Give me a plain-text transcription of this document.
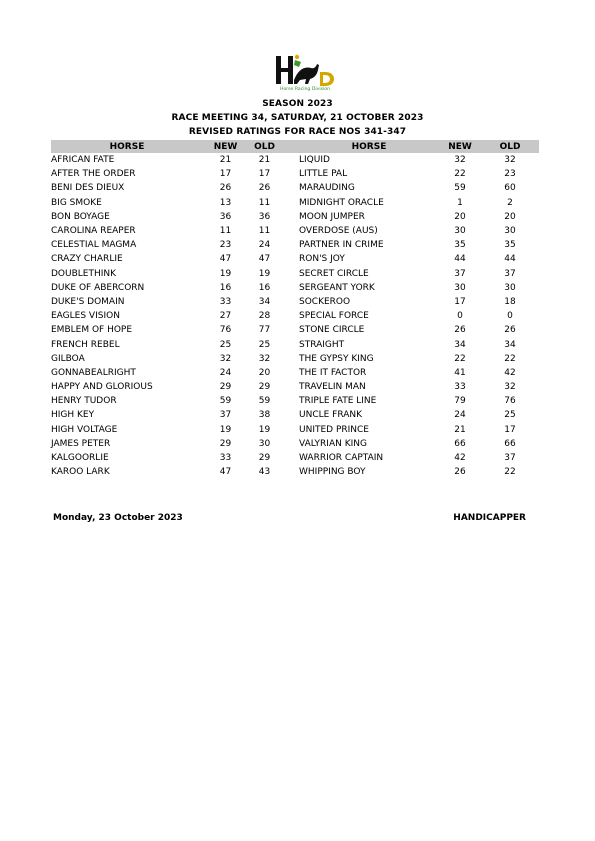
Horse Racing Division
SEASON 2023
RACE MEETING 34, SATURDAY, 21 OCTOBER 2023
REVISED RATINGS FOR RACE NOS 341-347
HORSE	NEW	OLD		HORSE	NEW	OLD
AFRICAN FATE	21	21		LIQUID	32	32
AFTER THE ORDER	17	17		LITTLE PAL	22	23
BENI DES DIEUX	26	26		MARAUDING	59	60
BIG SMOKE	13	11		MIDNIGHT ORACLE	1	2
BON BOYAGE	36	36		MOON JUMPER	20	20
CAROLINA REAPER	11	11		OVERDOSE (AUS)	30	30
CELESTIAL MAGMA	23	24		PARTNER IN CRIME	35	35
CRAZY CHARLIE	47	47		RON'S JOY	44	44
DOUBLETHINK	19	19		SECRET CIRCLE	37	37
DUKE OF ABERCORN	16	16		SERGEANT YORK	30	30
DUKE'S DOMAIN	33	34		SOCKEROO	17	18
EAGLES VISION	27	28		SPECIAL FORCE	0	0
EMBLEM OF HOPE	76	77		STONE CIRCLE	26	26
FRENCH REBEL	25	25		STRAIGHT	34	34
GILBOA	32	32		THE GYPSY KING	22	22
GONNABEALRIGHT	24	20		THE IT FACTOR	41	42
HAPPY AND GLORIOUS	29	29		TRAVELIN MAN	33	32
HENRY TUDOR	59	59		TRIPLE FATE LINE	79	76
HIGH KEY	37	38		UNCLE FRANK	24	25
HIGH VOLTAGE	19	19		UNITED PRINCE	21	17
JAMES PETER	29	30		VALYRIAN KING	66	66
KALGOORLIE	33	29		WARRIOR CAPTAIN	42	37
KAROO LARK	47	43		WHIPPING BOY	26	22
Monday, 23 October 2023	HANDICAPPER
